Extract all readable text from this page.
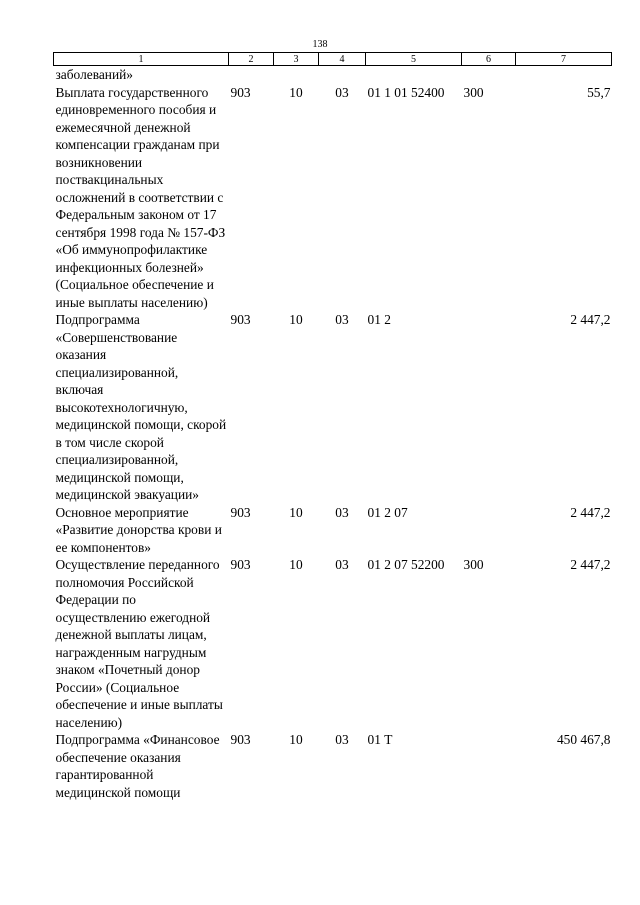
138
1	2	3	4	5	6	7
заболеваний»						
Выплата государственного единовременного пособия и ежемесячной денежной компенсации гражданам при возникновении поствакцинальных осложнений в соответствии с Федеральным законом от 17 сентября 1998 года № 157-ФЗ «Об иммунопрофилактике инфекционных болезней» (Социальное обеспечение и иные выплаты населению)	903	10	03	01 1 01 52400	300	55,7
Подпрограмма «Совершенствование оказания специализированной, включая высокотехнологичную, медицинской помощи, скорой в том числе скорой специализированной, медицинской помощи, медицинской эвакуации»	903	10	03	01 2		2 447,2
Основное мероприятие «Развитие донорства крови и ее компонентов»	903	10	03	01 2 07		2 447,2
Осуществление переданного полномочия Российской Федерации по осуществлению ежегодной денежной выплаты лицам, награжденным нагрудным знаком «Почетный донор России» (Социальное обеспечение и иные выплаты населению)	903	10	03	01 2 07 52200	300	2 447,2
Подпрограмма «Финансовое обеспечение оказания гарантированной медицинской помощи	903	10	03	01 Т		450 467,8
